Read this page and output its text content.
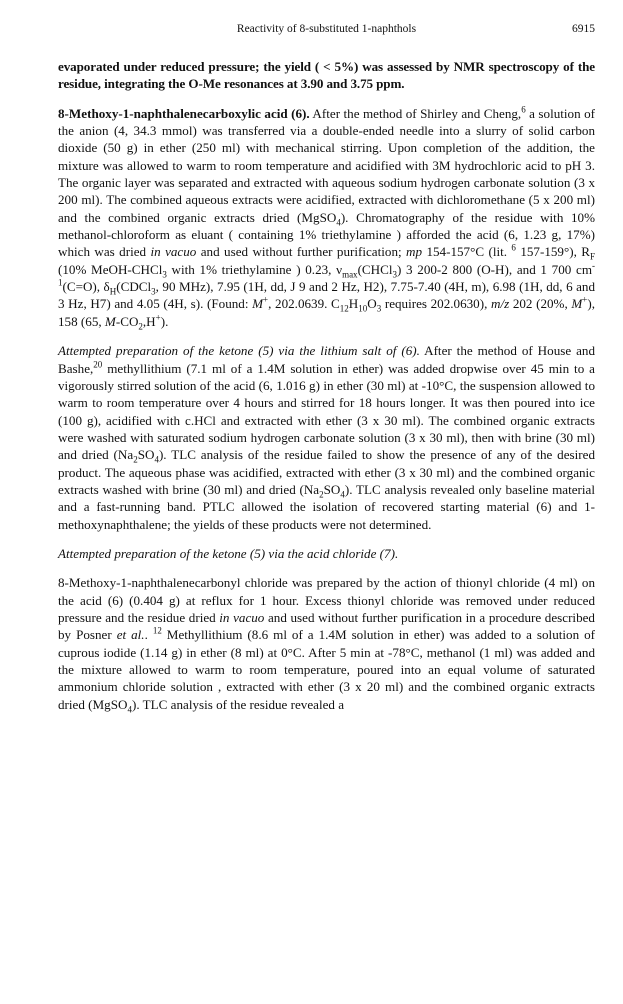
Reactivity of 8-substituted 1-naphthols	6915

evaporated under reduced pressure; the yield ( < 5%) was assessed by NMR spectroscopy of the residue, integrating the O-Me resonances at 3.90 and 3.75 ppm.

8-Methoxy-1-naphthalenecarboxylic acid (6). After the method of Shirley and Cheng,$^6$ a solution of the anion (4, 34.3 mmol) was transferred via a double-ended needle into a slurry of solid carbon dioxide (50 g) in ether (250 ml) with mechanical stirring. Upon completion of the addition, the mixture was allowed to warm to room temperature and acidified with 3M hydrochloric acid to pH 3. The organic layer was separated and extracted with aqueous sodium hydrogen carbonate solution (3 x 200 ml). The combined aqueous extracts were acidified, extracted with dichloromethane (5 x 200 ml) and the combined organic extracts dried (MgSO$_4$). Chromatography of the residue with 10% methanol-chloroform as eluant ( containing 1% triethylamine ) afforded the acid (6, 1.23 g, 17%) which was dried in vacuo and used without further purification; mp 154-157°C (lit. $^6$ 157-159°), $R_F$ (10% MeOH-CHCl$_3$ with 1% triethylamine ) 0.23, $\nu_{max}(CHCl_3)$ 3 200-2 800 (O-H), and 1 700 $cm^{-1}(C=O)$, $\delta_H(CDCl_3$, 90 MHz), 7.95 (1H, dd, J 9 and 2 Hz, H2), 7.75-7.40 (4H, m), 6.98 (1H, dd, 6 and 3 Hz, H7) and 4.05 (4H, s). (Found: M+, 202.0639. $C_{12}H_{10}O_3$ requires 202.0630), m/z 202 (20%, M+), 158 (65, $M-CO_2,H^+$).

Attempted preparation of the ketone (5) via the lithium salt of (6). After the method of House and Bashe,$^{20}$ methyllithium (7.1 ml of a 1.4M solution in ether) was added dropwise over 45 min to a vigorously stirred solution of the acid (6, 1.016 g) in ether (30 ml) at -10°C, the suspension allowed to warm to room temperature over 4 hours and stirred for 18 hours longer. It was then poured into ice (100 g), acidified with c.HCl and extracted with ether (3 x 30 ml). The combined organic extracts were washed with saturated sodium hydrogen carbonate solution (3 x 30 ml), then with brine (30 ml) and dried $(Na_2SO_4)$. TLC analysis of the residue failed to show the presence of any of the desired product. The aqueous phase was acidified, extracted with ether (3 x 30 ml) and the combined organic extracts washed with brine (30 ml) and dried $(Na_2SO_4)$. TLC analysis revealed only baseline material and a fast-running band. PTLC allowed the isolation of recovered starting material (6) and 1-methoxynaphthalene; the yields of these products were not determined.

Attempted preparation of the ketone (5) via the acid chloride (7).

8-Methoxy-1-naphthalenecarbonyl chloride was prepared by the action of thionyl chloride (4 ml) on the acid (6) (0.404 g) at reflux for 1 hour. Excess thionyl chloride was removed under reduced pressure and the residue dried in vacuo and used without further purification in a procedure described by Posner et al.. $^{12}$ Methyllithium (8.6 ml of a 1.4M solution in ether) was added to a solution of cuprous iodide (1.14 g) in ether (8 ml) at 0°C. After 5 min at -78°C, methanol (1 ml) was added and the mixture allowed to warm to room temperature, poured into an equal volume of saturated ammonium chloride solution , extracted with ether (3 x 20 ml) and the combined organic extracts dried (MgSO$_4$). TLC analysis of the residue revealed a
